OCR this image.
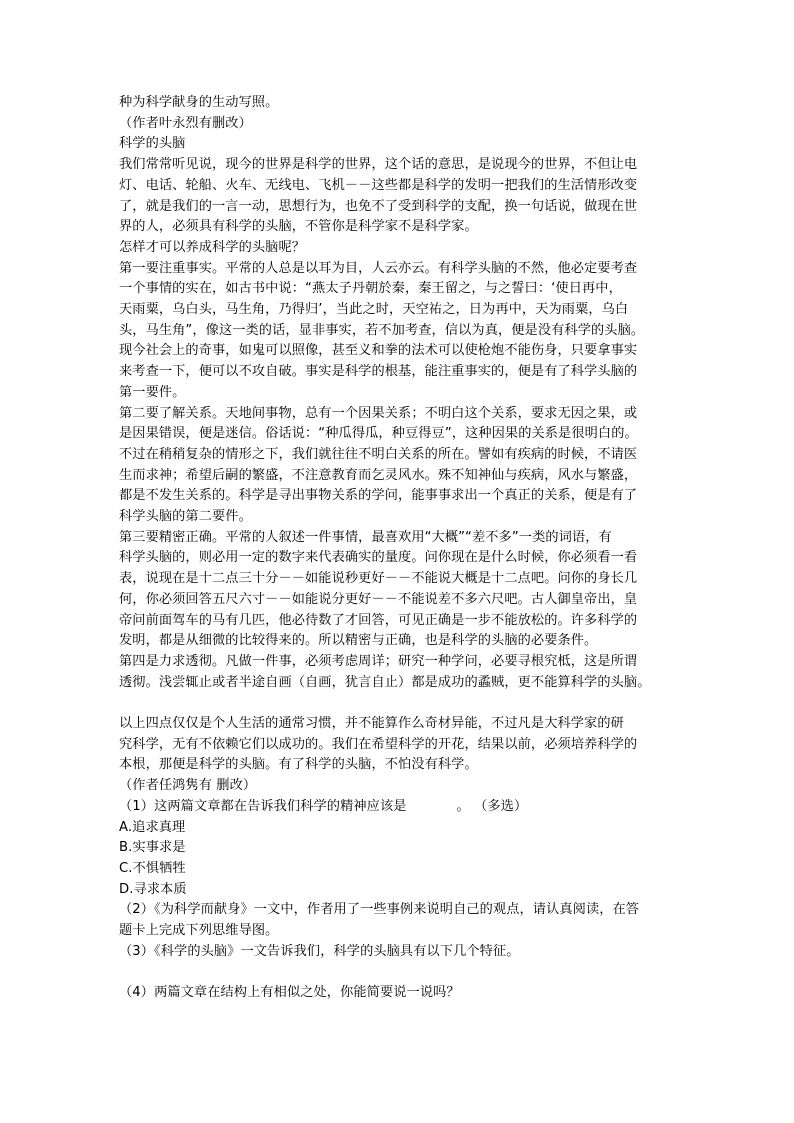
种为科学献身的生动写照。
（作者叶永烈有删改）
科学的头脑
我们常常听见说，现今的世界是科学的世界，这个话的意思，是说现今的世界，不但让电
灯、电话、轮船、火车、无线电、飞机－－这些都是科学的发明一把我们的生活情形改变
了，就是我们的一言一动，思想行为，也免不了受到科学的支配，换一句话说，做现在世
界的人，必须具有科学的头脑，不管你是科学家不是科学家。
怎样才可以养成科学的头脑呢？
第一要注重事实。平常的人总是以耳为目，人云亦云。有科学头脑的不然，他必定要考查
一个事情的实在，如古书中说：“燕太子丹朝於秦，秦王留之，与之誓曰：‘使日再中，
天雨粟，乌白头，马生角，乃得归’，当此之时，天空祐之，日为再中，天为雨粟，乌白
头，马生角”，像这一类的话，显非事实，若不加考查，信以为真，便是没有科学的头脑。
现今社会上的奇事，如鬼可以照像，甚至义和拳的法术可以使枪炮不能伤身，只要拿事实
来考查一下，便可以不攻自破。事实是科学的根基，能注重事实的，便是有了科学头脑的
第一要件。
第二要了解关系。天地间事物，总有一个因果关系；不明白这个关系，要求无因之果，或
是因果错误，便是迷信。俗话说：“种瓜得瓜，种豆得豆”，这种因果的关系是很明白的。
不过在稍稍复杂的情形之下，我们就往往不明白关系的所在。譬如有疾病的时候，不请医
生而求神；希望后嗣的繁盛，不注意教育而乞灵风水。殊不知神仙与疾病，风水与繁盛，
都是不发生关系的。科学是寻出事物关系的学问，能事事求出一个真正的关系，便是有了
科学头脑的第二要件。
第三要精密正确。平常的人叙述一件事情，最喜欢用“大概”“差不多”一类的词语，有
科学头脑的，则必用一定的数字来代表确实的量度。问你现在是什么时候，你必须看一看
表，说现在是十二点三十分－－如能说秒更好－－不能说大概是十二点吧。问你的身长几
何，你必须回答五尺六寸－－如能说分更好－－不能说差不多六尺吧。古人御皇帝出，皇
帝问前面驾车的马有几匹，他必待数了才回答，可见正确是一步不能放松的。许多科学的
发明，都是从细微的比较得来的。所以精密与正确，也是科学的头脑的必要条件。
第四是力求透彻。凡做一件事，必须考虑周详；研究一种学问，必要寻根究柢，这是所谓
透彻。浅尝辄止或者半途自画（自画，犹言自止）都是成功的蟊贼，更不能算科学的头脑。
以上四点仅仅是个人生活的通常习惯，并不能算作么奇材异能，不过凡是大科学家的研
究科学，无有不依赖它们以成功的。我们在希望科学的开花，结果以前，必须培养科学的
本根，那便是科学的头脑。有了科学的头脑，不怕没有科学。
（作者任鸿隽有 删改）
（1）这两篇文章都在告诉我们科学的精神应该是	。 （多选）
A.追求真理
B.实事求是
C.不惧牺牲
D.寻求本质
（2）《为科学而献身》一文中，作者用了一些事例来说明自己的观点，请认真阅读，在答
题卡上完成下列思维导图。
（3）《科学的头脑》一文告诉我们，科学的头脑具有以下几个特征。
（4）两篇文章在结构上有相似之处，你能简要说一说吗？
